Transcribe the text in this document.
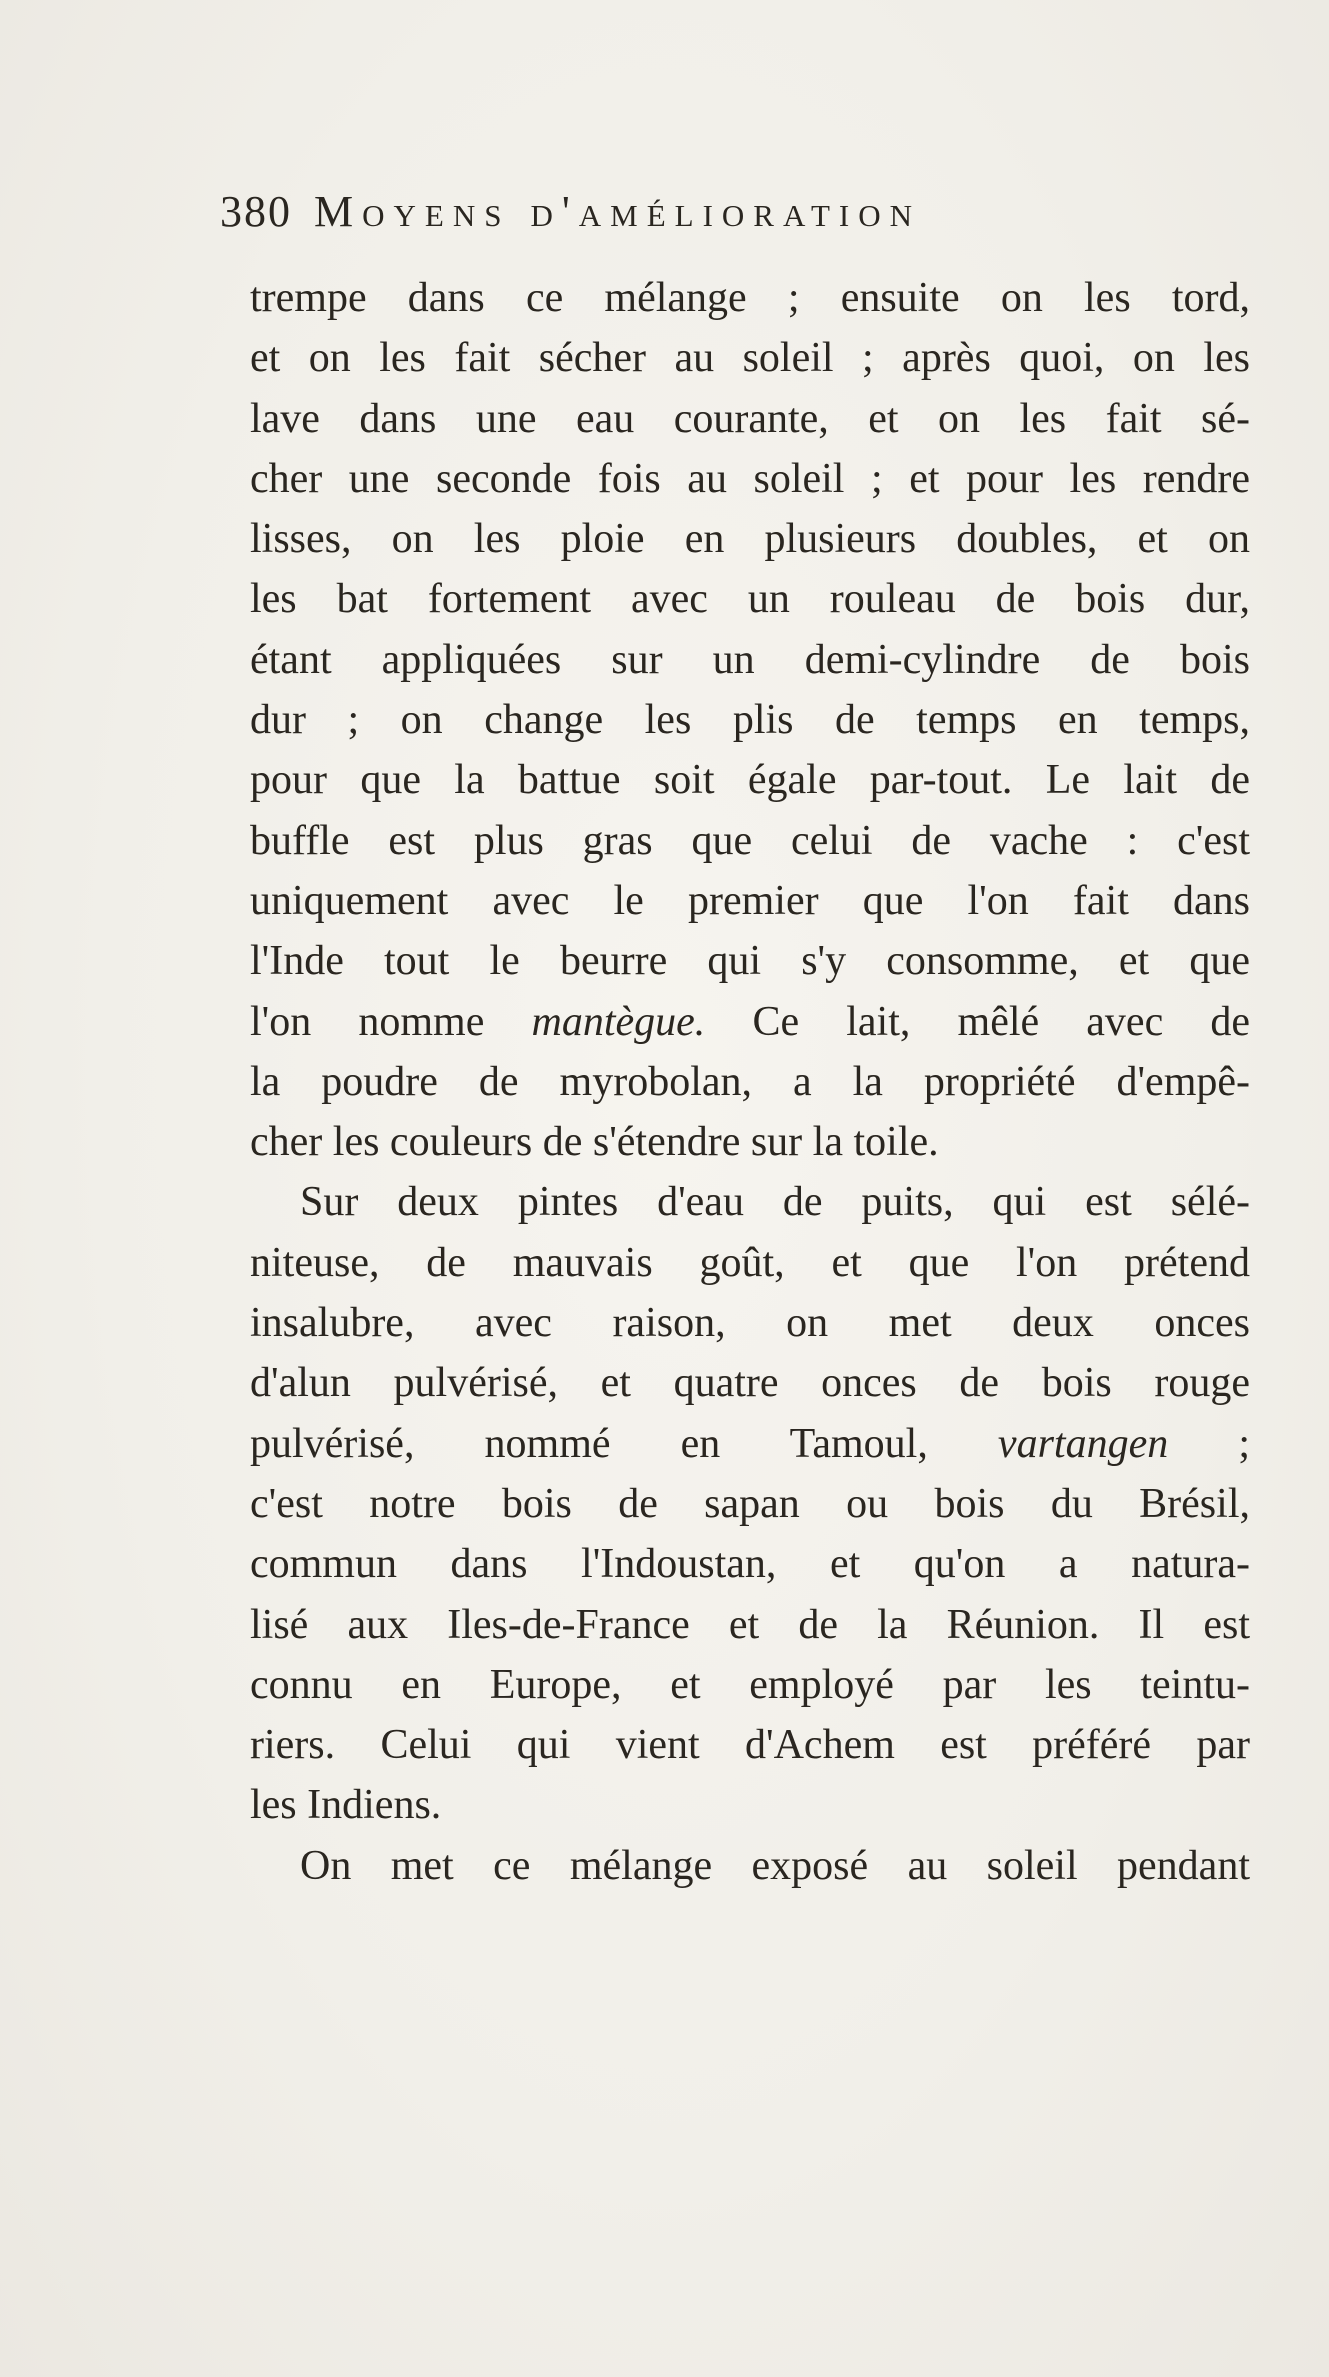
380 Moyens d'amélioration
trempe dans ce mélange ; ensuite on les tord,
et on les fait sécher au soleil ; après quoi, on les
lave dans une eau courante, et on les fait sé-
cher une seconde fois au soleil ; et pour les rendre
lisses, on les ploie en plusieurs doubles, et on
les bat fortement avec un rouleau de bois dur,
étant appliquées sur un demi-cylindre de bois
dur ; on change les plis de temps en temps,
pour que la battue soit égale par-tout. Le lait de
buffle est plus gras que celui de vache : c'est
uniquement avec le premier que l'on fait dans
l'Inde tout le beurre qui s'y consomme, et que
l'on nomme mantègue. Ce lait, mêlé avec de
la poudre de myrobolan, a la propriété d'empê-
cher les couleurs de s'étendre sur la toile.
Sur deux pintes d'eau de puits, qui est sélé-
niteuse, de mauvais goût, et que l'on prétend
insalubre, avec raison, on met deux onces
d'alun pulvérisé, et quatre onces de bois rouge
pulvérisé, nommé en Tamoul, vartangen ;
c'est notre bois de sapan ou bois du Brésil,
commun dans l'Indoustan, et qu'on a natura-
lisé aux Iles-de-France et de la Réunion. Il est
connu en Europe, et employé par les teintu-
riers. Celui qui vient d'Achem est préféré par
les Indiens.
On met ce mélange exposé au soleil pendant
